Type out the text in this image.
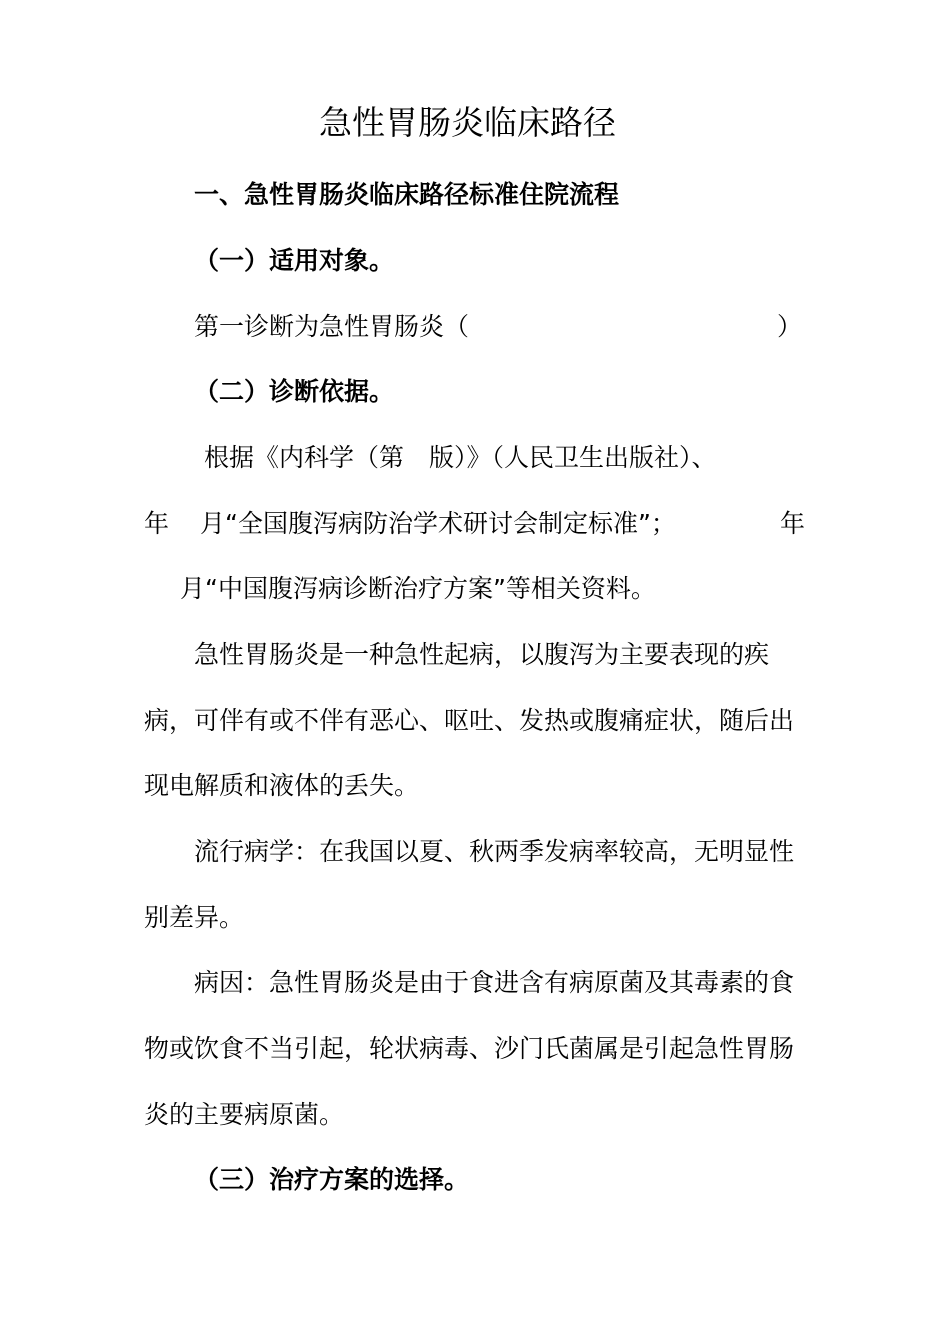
急性胃肠炎临床路径
一、急性胃肠炎临床路径标准住院流程
（一）适用对象。
第一诊断为急性胃肠炎（	）
（二）诊断依据。
根据《内科学（第　版）》（人民卫生出版社）、
年 月“全国腹泻病防治学术研讨会制定标准”；	年
月“中国腹泻病诊断治疗方案”等相关资料。
急性胃肠炎是一种急性起病，以腹泻为主要表现的疾
病，可伴有或不伴有恶心、呕吐、发热或腹痛症状，随后出
现电解质和液体的丢失。
流行病学：在我国以夏、秋两季发病率较高，无明显性
别差异。
病因：急性胃肠炎是由于食进含有病原菌及其毒素的食
物或饮食不当引起，轮状病毒、沙门氏菌属是引起急性胃肠
炎的主要病原菌。
（三）治疗方案的选择。
